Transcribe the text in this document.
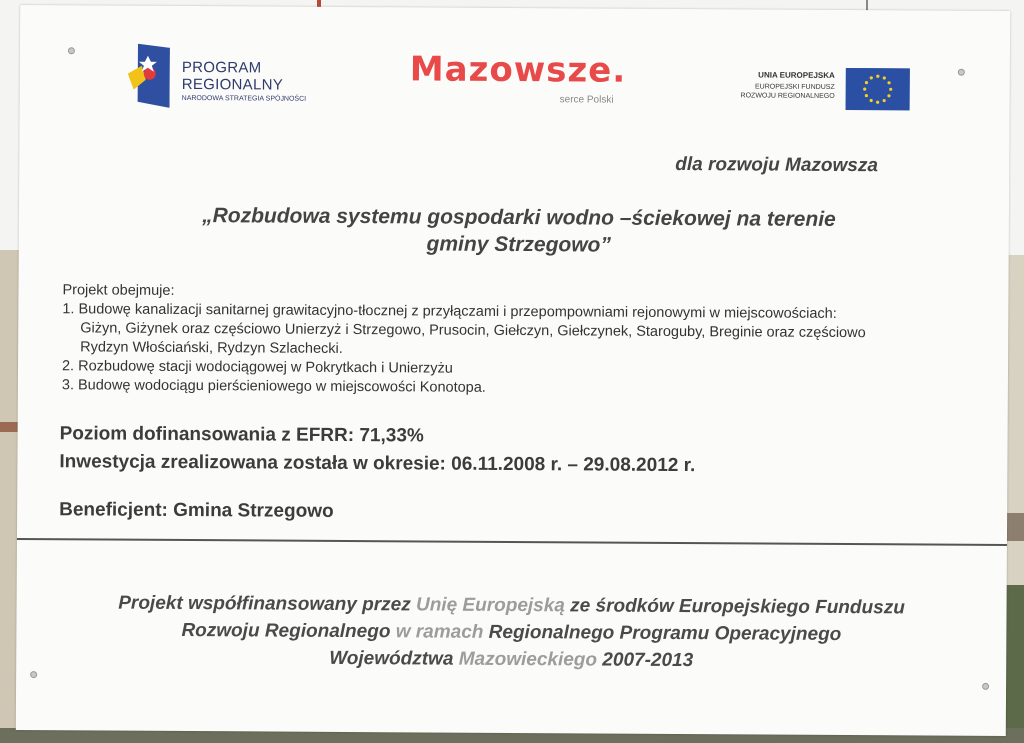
PROGRAM
REGIONALNY
NARODOWA STRATEGIA SPÓJNOŚCI
Mazowsze.
serce Polski
UNIA EUROPEJSKA
EUROPEJSKI FUNDUSZ
ROZWOJU REGIONALNEGO
dla rozwoju Mazowsza
„Rozbudowa systemu gospodarki wodno –ściekowej na terenie
gminy Strzegowo”
Projekt obejmuje:
1. Budowę kanalizacji sanitarnej grawitacyjno-tłocznej z przyłączami i przepompowniami rejonowymi w miejscowościach:
Giżyn, Giżynek oraz częściowo Unierzyż i Strzegowo, Prusocin, Giełczyn, Giełczynek, Staroguby, Breginie oraz częściowo
Rydzyn Włościański, Rydzyn Szlachecki.
2. Rozbudowę stacji wodociągowej w Pokrytkach i Unierzyżu
3. Budowę wodociągu pierścieniowego w miejscowości Konotopa.
Poziom dofinansowania z EFRR: 71,33%
Inwestycja zrealizowana została w okresie: 06.11.2008 r. – 29.08.2012 r.
Beneficjent: Gmina Strzegowo
Projekt współfinansowany przez Unię Europejską ze środków Europejskiego Funduszu
Rozwoju Regionalnego w ramach Regionalnego Programu Operacyjnego
Województwa Mazowieckiego 2007-2013
